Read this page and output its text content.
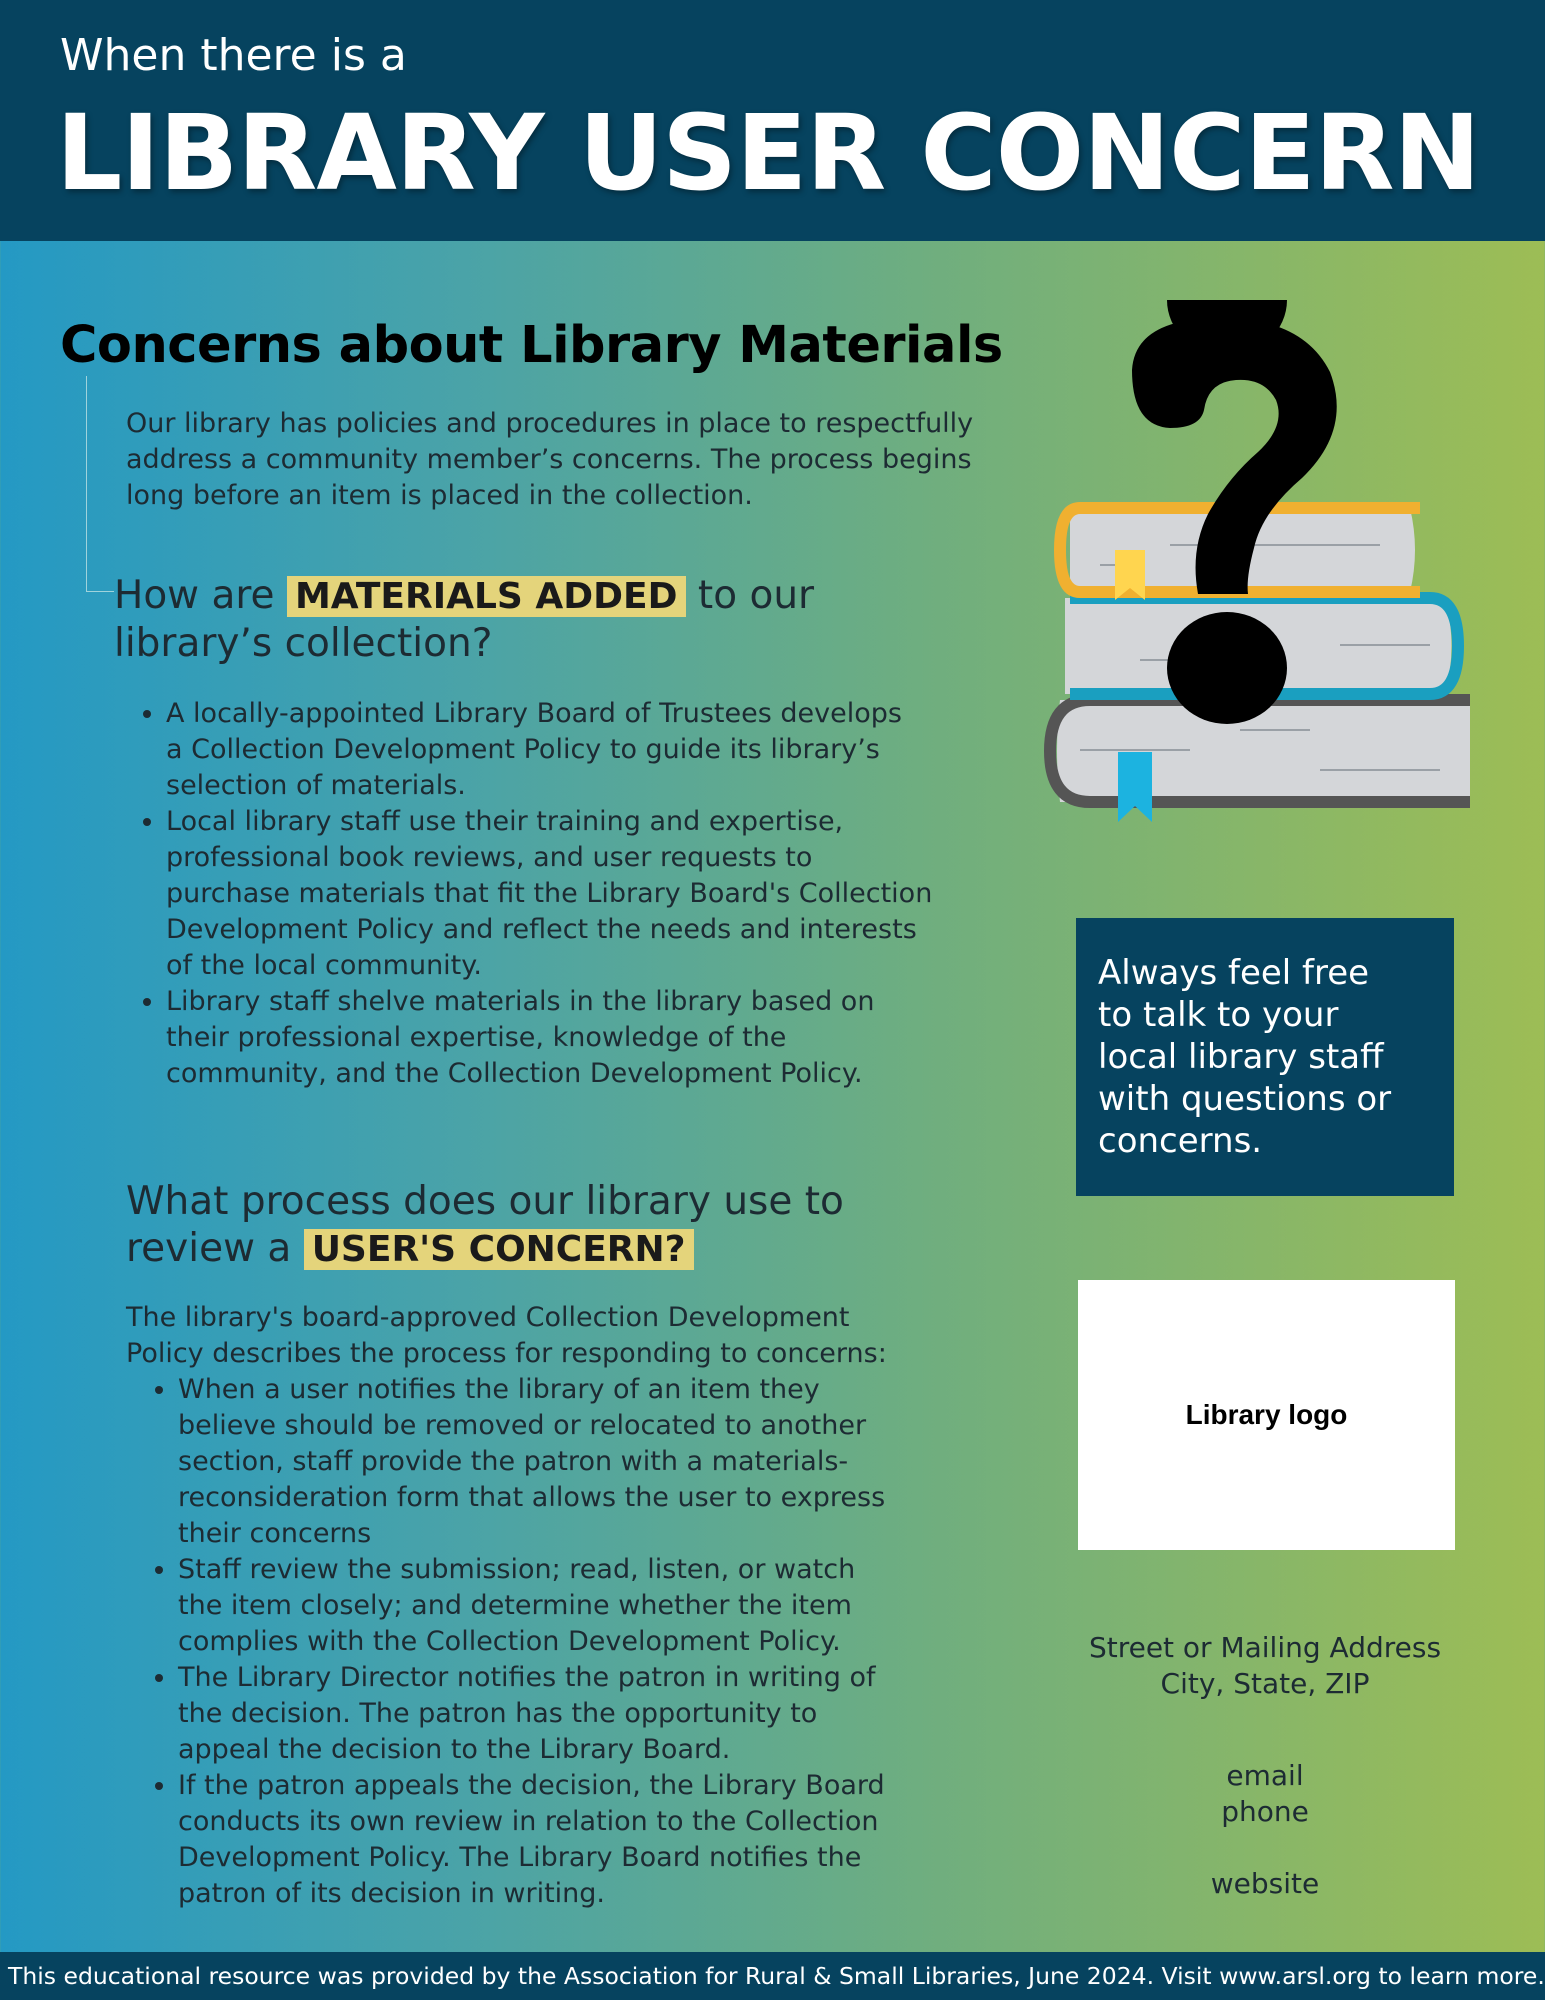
When there is a
LIBRARY USER CONCERN
Concerns about Library Materials
Our library has policies and procedures in place to respectfully
address a community member’s concerns. The process begins
long before an item is placed in the collection.
How are MATERIALS ADDED to our
library’s collection?
• A locally-appointed Library Board of Trustees develops
a Collection Development Policy to guide its library’s
selection of materials.
• Local library staff use their training and expertise,
professional book reviews, and user requests to
purchase materials that fit the Library Board's Collection
Development Policy and reflect the needs and interests
of the local community.
• Library staff shelve materials in the library based on
their professional expertise, knowledge of the
community, and the Collection Development Policy.
What process does our library use to
review a USER'S CONCERN?
The library's board-approved Collection Development
Policy describes the process for responding to concerns:
• When a user notifies the library of an item they
believe should be removed or relocated to another
section, staff provide the patron with a materials-
reconsideration form that allows the user to express
their concerns
• Staff review the submission; read, listen, or watch
the item closely; and determine whether the item
complies with the Collection Development Policy.
• The Library Director notifies the patron in writing of
the decision. The patron has the opportunity to
appeal the decision to the Library Board.
• If the patron appeals the decision, the Library Board
conducts its own review in relation to the Collection
Development Policy. The Library Board notifies the
patron of its decision in writing.
Always feel free
to talk to your
local library staff
with questions or
concerns.
Library logo
Street or Mailing Address
City, State, ZIP
email
phone
website
This educational resource was provided by the Association for Rural & Small Libraries, June 2024. Visit www.arsl.org to learn more.
